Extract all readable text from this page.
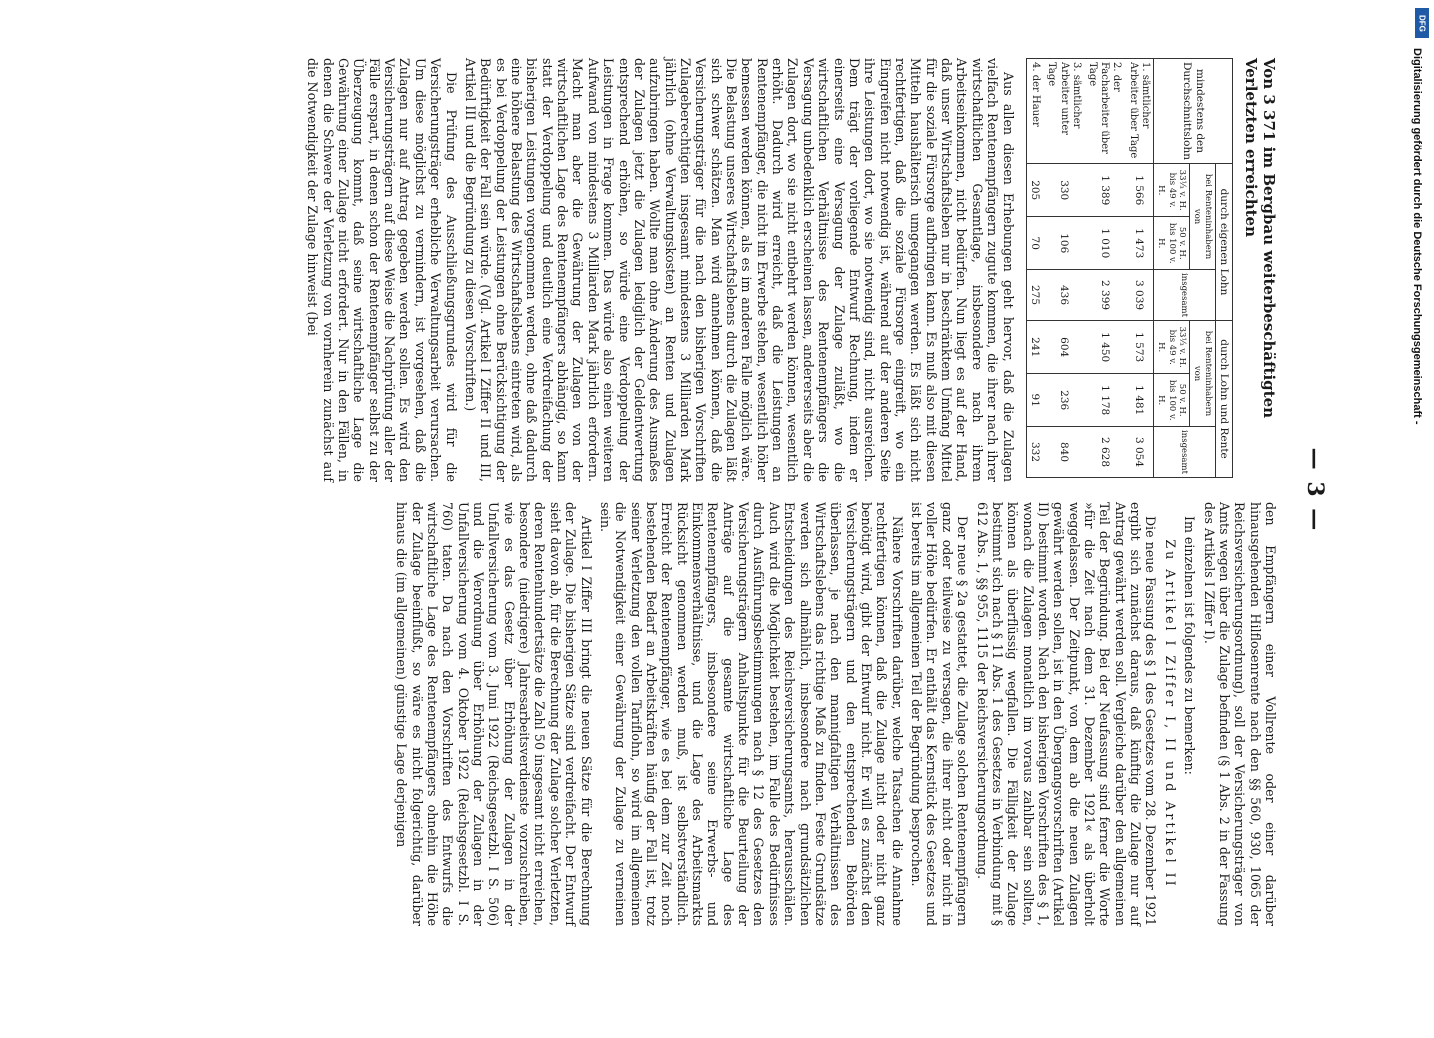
— 3 —
Von 3 371 im Bergbau weiterbeschäftigten Verletzten erreichten
mindestens den Durchschnittslohn	durch eigenen Lohn			durch Lohn und Rente		
	bei Renteninhabern von		insgesamt	bei Renteninhabern von		insgesamt
	33⅓ v. H. bis 49 v. H.	50 v. H. bis 100 v. H.		33⅓ v. H. bis 49 v. H.	50 v. H. bis 100 v. H.	
1. sämtlicher Arbeiter über Tage	1 566	1 473	3 039	1 573	1 481	3 054
2. der Facharbeiter über Tage	1 389	1 010	2 399	1 450	1 178	2 628
3. sämtlicher Arbeiter unter Tage	330	106	436	604	236	840
4. der Hauer	205	70	275	241	91	332

Aus allen diesen Erhebungen geht hervor, daß die Zulagen vielfach Rentenempfängern zugute kommen, die ihrer nach ihrer wirtschaftlichen Gesamtlage, insbesondere nach ihrem Arbeitseinkommen, nicht bedürfen. Nun liegt es auf der Hand, daß unser Wirtschaftsleben nur in beschränktem Umfang Mittel für die soziale Fürsorge aufbringen kann. Es muß also mit diesen Mitteln haushälterisch umgegangen werden. Es läßt sich nicht rechtfertigen, daß die soziale Fürsorge eingreift, wo ein Eingreifen nicht notwendig ist, während auf der anderen Seite ihre Leistungen dort, wo sie notwendig sind, nicht ausreichen. Dem trägt der vorliegende Entwurf Rechnung, indem er einerseits eine Versagung der Zulage zuläßt, wo die wirtschaftlichen Verhältnisse des Rentenempfängers die Versagung unbedenklich erscheinen lassen, andererseits aber die Zulagen dort, wo sie nicht entbehrt werden können, wesentlich erhöht. Dadurch wird erreicht, daß die Leistungen an Rentenempfänger, die nicht im Erwerbe stehen, wesentlich höher bemessen werden können, als es im anderen Falle möglich wäre. Die Belastung unseres Wirtschaftslebens durch die Zulagen läßt sich schwer schätzen. Man wird annehmen können, daß die Versicherungsträger für die nach den bisherigen Vorschriften Zulageberechtigten insgesamt mindestens 3 Milliarden Mark jährlich (ohne Verwaltungskosten) an Renten und Zulagen aufzubringen haben. Wollte man ohne Änderung des Ausmaßes der Zulagen jetzt die Zulagen lediglich der Geldentwertung entsprechend erhöhen, so würde eine Verdoppelung der Leistungen in Frage kommen. Das würde also einen weiteren Aufwand von mindestens 3 Milliarden Mark jährlich erfordern. Macht man aber die Gewährung der Zulagen von der wirtschaftlichen Lage des Rentenempfängers abhängig, so kann statt der Verdoppelung und deutlich eine Verdreifachung der bisherigen Leistungen vorgenommen werden, ohne daß dadurch eine höhere Belastung des Wirtschaftslebens eintreten wird, als es bei Verdoppelung der Leistungen ohne Berücksichtigung der Bedürftigkeit der Fall sein würde. (Vgl. Artikel I Ziffer II und III, Artikel III und die Begründung zu diesen Vorschriften.)

Die Prüfung des Ausschließungsgrundes wird für die Versicherungsträger erhebliche Verwaltungsarbeit verursachen. Um diese möglichst zu vermindern, ist vorgesehen, daß die Zulagen nur auf Antrag gegeben werden sollen. Es wird den Versicherungsträgern auf diese Weise die Nachprüfung aller der Fälle erspart, in denen schon der Rentenempfänger selbst zu der Überzeugung kommt, daß seine wirtschaftliche Lage die Gewährung einer Zulage nicht erfordert. Nur in den Fällen, in denen die Schwere der Verletzung von vornherein zunächst auf die Notwendigkeit der Zulage hinweist (bei

den Empfängern einer Vollrente oder einer darüber hinausgehenden Hilflosenrente nach den §§ 560, 930, 1065 der Reichsversicherungsordnung), soll der Versicherungsträger von Amts wegen über die Zulage befinden (§ 1 Abs. 2 in der Fassung des Artikels I Ziffer I).

Im einzelnen ist folgendes zu bemerken:

Zu Artikel I Ziffer I, II und Artikel II

Die neue Fassung des § 1 des Gesetzes vom 28. Dezember 1921 ergibt sich zunächst daraus, daß künftig die Zulage nur auf Antrag gewährt werden soll. Vergleiche darüber den allgemeinen Teil der Begründung. Bei der Neufassung sind ferner die Worte »für die Zeit nach dem 31. Dezember 1921« als überholt weggelassen. Der Zeitpunkt, von dem ab die neuen Zulagen gewährt werden sollen, ist in den Übergangsvorschriften (Artikel II) bestimmt worden. Nach den bisherigen Vorschriften des § 1, wonach die Zulagen monatlich im voraus zahlbar sein sollten, können als überflüssig wegfallen. Die Fälligkeit der Zulage bestimmt sich nach § 11 Abs. 1 des Gesetzes in Verbindung mit § 612 Abs. 1, §§ 955, 1115 der Reichsversicherungsordnung.

Der neue § 2a gestattet, die Zulage solchen Rentenempfängern ganz oder teilweise zu versagen, die ihrer nicht oder nicht in voller Höhe bedürfen. Er enthält das Kernstück des Gesetzes und ist bereits im allgemeinen Teil der Begründung besprochen.

Nähere Vorschriften darüber, welche Tatsachen die Annahme rechtfertigen können, daß die Zulage nicht oder nicht ganz benötigt wird, gibt der Entwurf nicht. Er will es zunächst den Versicherungsträgern und den entsprechenden Behörden überlassen, je nach den mannigfaltigen Verhältnissen des Wirtschaftslebens das richtige Maß zu finden. Feste Grundsätze werden sich allmählich, insbesondere nach grundsätzlichen Entscheidungen des Reichsversicherungsamts, herausschälen. Auch wird die Möglichkeit bestehen, im Falle des Bedürfnisses durch Ausführungsbestimmungen nach § 12 des Gesetzes den Versicherungsträgern Anhaltspunkte für die Beurteilung der Anträge auf die gesamte wirtschaftliche Lage des Rentenempfängers, insbesondere seine Erwerbs- und Einkommensverhältnisse, und die Lage des Arbeitsmarkts Rücksicht genommen werden muß, ist selbstverständlich. Erreicht der Rentenempfänger, wie es bei dem zur Zeit noch bestehenden Bedarf an Arbeitskräften häufig der Fall ist, trotz seiner Verletzung den vollen Tariflohn, so wird im allgemeinen die Notwendigkeit einer Gewährung der Zulage zu verneinen sein.

Artikel I Ziffer III bringt die neuen Sätze für die Berechnung der Zulage. Die bisherigen Sätze sind verdreifacht. Der Entwurf sieht davon ab, für die Berechnung der Zulage solcher Verletzten, deren Rentenhundertsätze die Zahl 50 insgesamt nicht erreichen, besondere (niedrigere) Jahresarbeitsverdienste vorzuschreiben, wie es das Gesetz über Erhöhung der Zulagen in der Unfallversicherung vom 3. Juni 1922 (Reichsgesetzbl. I S. 506) und die Verordnung über Erhöhung der Zulagen in der Unfallversicherung vom 4. Oktober 1922 (Reichsgesetzbl. I S. 760) taten. Da nach den Vorschriften des Entwurfs die wirtschaftliche Lage des Rentenempfängers ohnehin die Höhe der Zulage beeinflußt, so wäre es nicht folgerichtig, darüber hinaus die (im allgemeinen) günstige Lage derjenigen

DFG
Digitalisierung gefördert durch die Deutsche Forschungsgemeinschaft -
